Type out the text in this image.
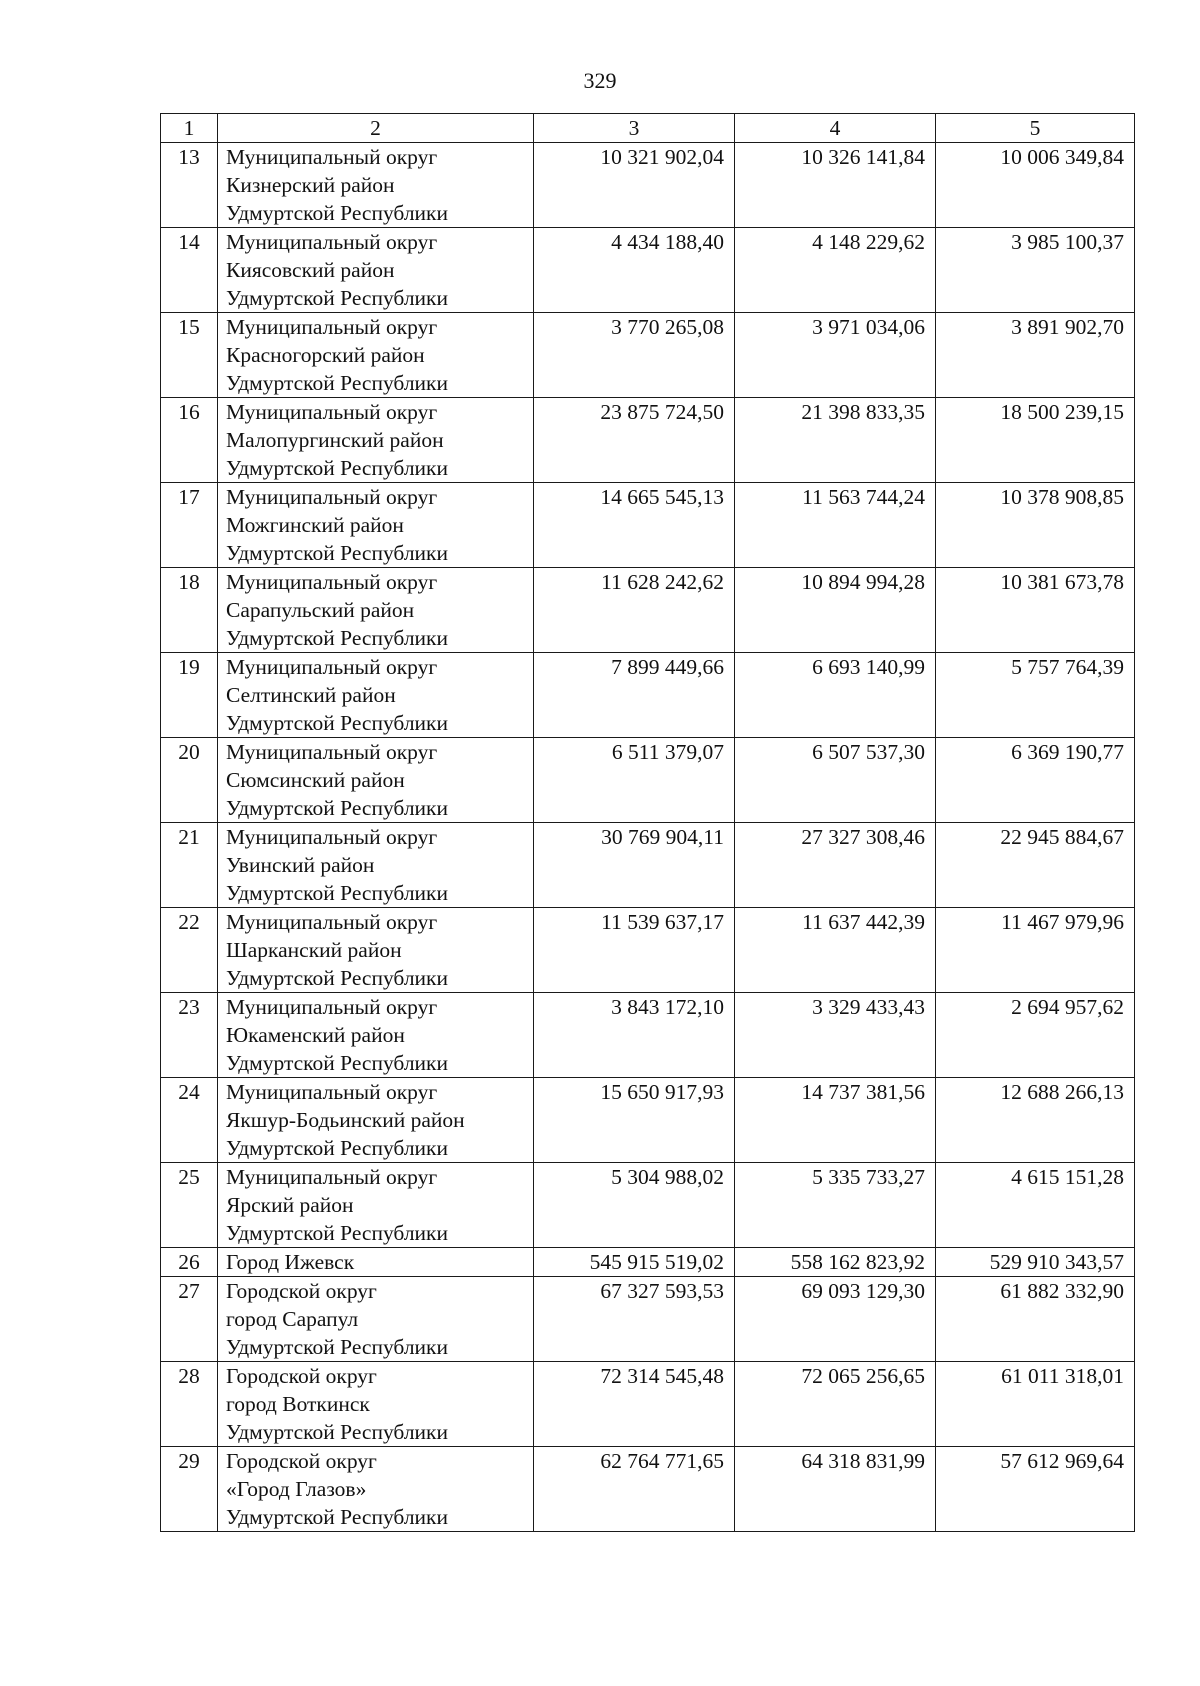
329
1	2	3	4	5
13	Муниципальный округ
Кизнерский район
Удмуртской Республики	10 321 902,04	10 326 141,84	10 006 349,84
14	Муниципальный округ
Киясовский район
Удмуртской Республики	4 434 188,40	4 148 229,62	3 985 100,37
15	Муниципальный округ
Красногорский район
Удмуртской Республики	3 770 265,08	3 971 034,06	3 891 902,70
16	Муниципальный округ
Малопургинский район
Удмуртской Республики	23 875 724,50	21 398 833,35	18 500 239,15
17	Муниципальный округ
Можгинский район
Удмуртской Республики	14 665 545,13	11 563 744,24	10 378 908,85
18	Муниципальный округ
Сарапульский район
Удмуртской Республики	11 628 242,62	10 894 994,28	10 381 673,78
19	Муниципальный округ
Селтинский район
Удмуртской Республики	7 899 449,66	6 693 140,99	5 757 764,39
20	Муниципальный округ
Сюмсинский район
Удмуртской Республики	6 511 379,07	6 507 537,30	6 369 190,77
21	Муниципальный округ
Увинский район
Удмуртской Республики	30 769 904,11	27 327 308,46	22 945 884,67
22	Муниципальный округ
Шарканский район
Удмуртской Республики	11 539 637,17	11 637 442,39	11 467 979,96
23	Муниципальный округ
Юкаменский район
Удмуртской Республики	3 843 172,10	3 329 433,43	2 694 957,62
24	Муниципальный округ
Якшур-Бодьинский район
Удмуртской Республики	15 650 917,93	14 737 381,56	12 688 266,13
25	Муниципальный округ
Ярский район
Удмуртской Республики	5 304 988,02	5 335 733,27	4 615 151,28
26	Город Ижевск	545 915 519,02	558 162 823,92	529 910 343,57
27	Городской округ
город Сарапул
Удмуртской Республики	67 327 593,53	69 093 129,30	61 882 332,90
28	Городской округ
город Воткинск
Удмуртской Республики	72 314 545,48	72 065 256,65	61 011 318,01
29	Городской округ
«Город Глазов»
Удмуртской Республики	62 764 771,65	64 318 831,99	57 612 969,64
